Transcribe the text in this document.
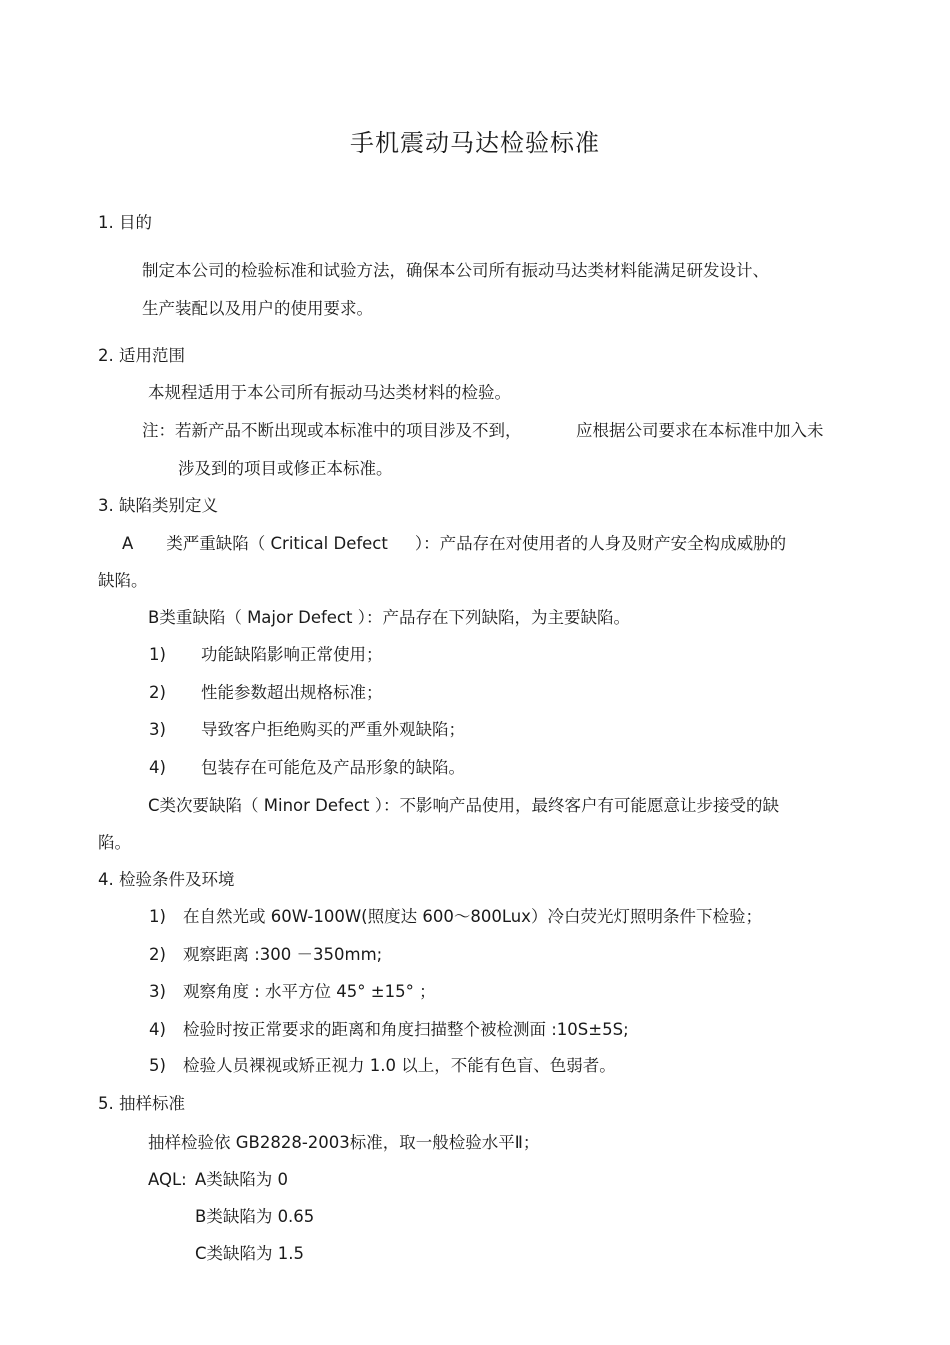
手机震动马达检验标准
1. 目的
制定本公司的检验标准和试验方法，确保本公司所有振动马达类材料能满足研发设计、
生产装配以及用户的使用要求。
2. 适用范围
本规程适用于本公司所有振动马达类材料的检验。
注：若新产品不断出现或本标准中的项目涉及不到，	应根据公司要求在本标准中加入未
涉及到的项目或修正本标准。
3. 缺陷类别定义
A　　类严重缺陷（ Critical Defect 　 ）：产品存在对使用者的人身及财产安全构成威胁的
缺陷。
B类重缺陷（ Major Defect ）：产品存在下列缺陷，为主要缺陷。
1) 功能缺陷影响正常使用；
2) 性能参数超出规格标准；
3) 导致客户拒绝购买的严重外观缺陷；
4) 包装存在可能危及产品形象的缺陷。
C类次要缺陷（ Minor Defect ）：不影响产品使用，最终客户有可能愿意让步接受的缺
陷。
4. 检验条件及环境
1) 在自然光或 60W-100W(照度达 600～800Lux）冷白荧光灯照明条件下检验；
2) 观察距离 :300 －350mm;
3) 观察角度 : 水平方位 45° ±15° ；
4) 检验时按正常要求的距离和角度扫描整个被检测面 :10S±5S;
5) 检验人员裸视或矫正视力 1.0 以上，不能有色盲、色弱者。
5. 抽样标准
抽样检验依 GB2828-2003标准，取一般检验水平Ⅱ；
AQL: A类缺陷为 0
B类缺陷为 0.65
C类缺陷为 1.5
